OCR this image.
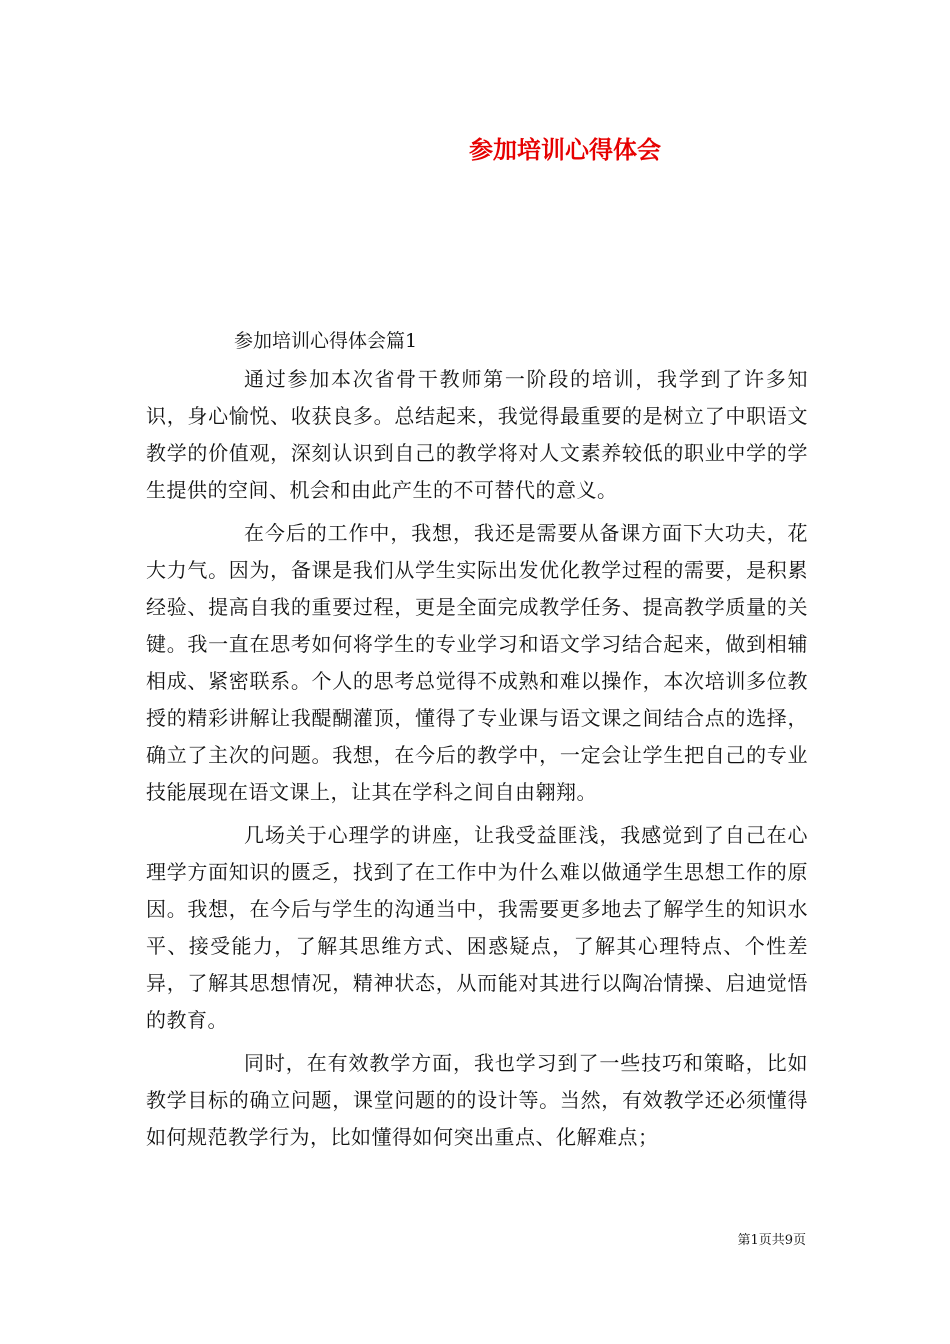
参加培训心得体会

参加培训心得体会篇1

通过参加本次省骨干教师第一阶段的培训，我学到了许多知识，身心愉悦、收获良多。总结起来，我觉得最重要的是树立了中职语文教学的价值观，深刻认识到自己的教学将对人文素养较低的职业中学的学生提供的空间、机会和由此产生的不可替代的意义。

在今后的工作中，我想，我还是需要从备课方面下大功夫，花大力气。因为，备课是我们从学生实际出发优化教学过程的需要，是积累经验、提高自我的重要过程，更是全面完成教学任务、提高教学质量的关键。我一直在思考如何将学生的专业学习和语文学习结合起来，做到相辅相成、紧密联系。个人的思考总觉得不成熟和难以操作，本次培训多位教授的精彩讲解让我醍醐灌顶，懂得了专业课与语文课之间结合点的选择，确立了主次的问题。我想，在今后的教学中，一定会让学生把自己的专业技能展现在语文课上，让其在学科之间自由翱翔。

几场关于心理学的讲座，让我受益匪浅，我感觉到了自己在心理学方面知识的匮乏，找到了在工作中为什么难以做通学生思想工作的原因。我想，在今后与学生的沟通当中，我需要更多地去了解学生的知识水平、接受能力，了解其思维方式、困惑疑点，了解其心理特点、个性差异，了解其思想情况，精神状态，从而能对其进行以陶冶情操、启迪觉悟的教育。

同时，在有效教学方面，我也学习到了一些技巧和策略，比如教学目标的确立问题，课堂问题的的设计等。当然，有效教学还必须懂得如何规范教学行为，比如懂得如何突出重点、化解难点；

第1页共9页
